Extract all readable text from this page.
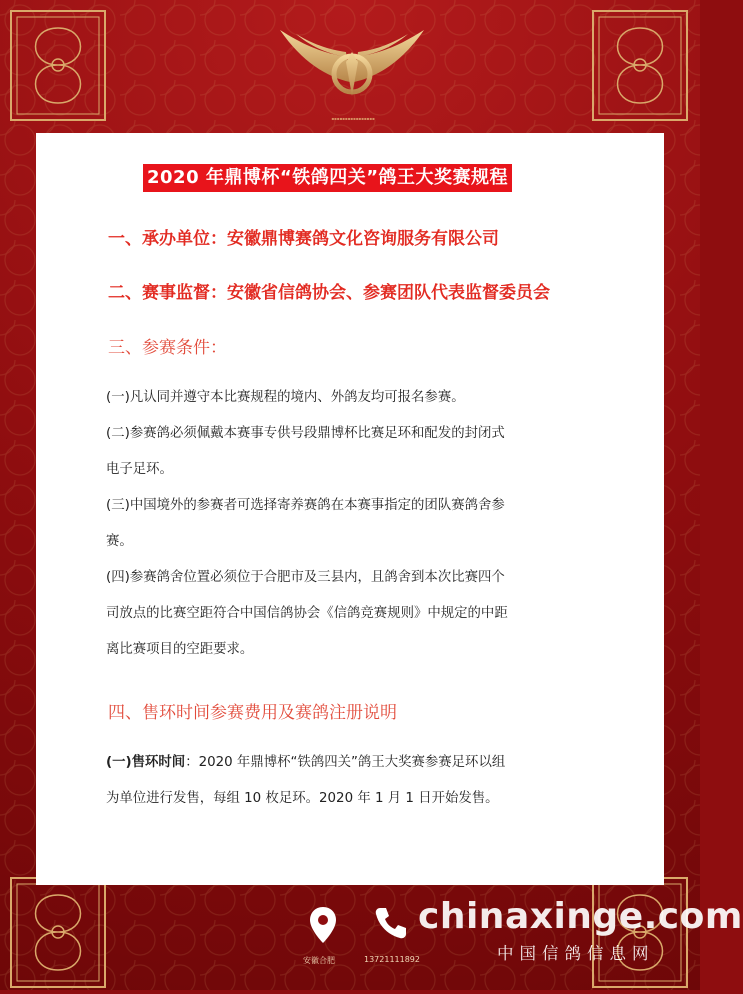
▪▪▪▪▪▪▪▪▪▪▪▪▪▪▪▪
2020 年鼎博杯“铁鸽四关”鸽王大奖赛规程
一、承办单位：安徽鼎博赛鸽文化咨询服务有限公司
二、赛事监督：安徽省信鸽协会、参赛团队代表监督委员会
三、参赛条件：

(一)凡认同并遵守本比赛规程的境内、外鸽友均可报名参赛。

(二)参赛鸽必须佩戴本赛事专供号段鼎博杯比赛足环和配发的封闭式

电子足环。

(三)中国境外的参赛者可选择寄养赛鸽在本赛事指定的团队赛鸽舍参

赛。

(四)参赛鸽舍位置必须位于合肥市及三县内，且鸽舍到本次比赛四个

司放点的比赛空距符合中国信鸽协会《信鸽竞赛规则》中规定的中距

离比赛项目的空距要求。

四、售环时间参赛费用及赛鸽注册说明

(一)售环时间：2020 年鼎博杯“铁鸽四关”鸽王大奖赛参赛足环以组

为单位进行发售，每组 10 枚足环。2020 年 1 月 1 日开始发售。

安徽合肥	13721111892
chinaxinge.com
中国信鸽信息网
